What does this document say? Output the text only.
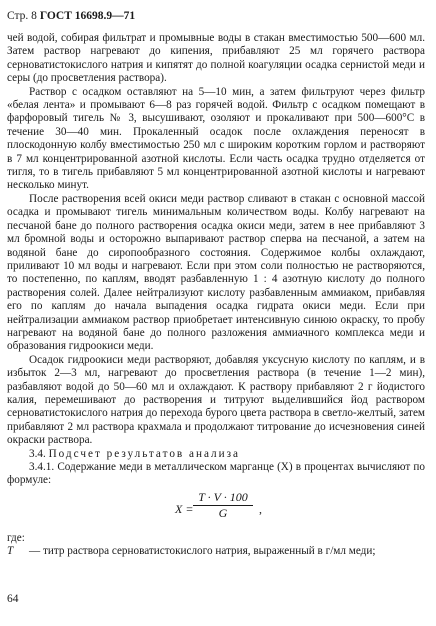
Стр. 8 ГОСТ 16698.9—71

чей водой, собирая фильтрат и промывные воды в стакан вместимостью 500—600 мл. Затем раствор нагревают до кипения, прибавляют 25 мл горячего раствора серноватистокислого натрия и кипятят до полной коагуляции осадка сернистой меди и серы (до просветления раствора).

Раствор с осадком оставляют на 5—10 мин, а затем фильтруют через фильтр «белая лента» и промывают 6—8 раз горячей водой. Фильтр с осадком помещают в фарфоровый тигель № 3, высушивают, озоляют и прокаливают при 500—600°С в течение 30—40 мин. Прокаленный осадок после охлаждения переносят в плоскодонную колбу вместимостью 250 мл с широким коротким горлом и растворяют в 7 мл концентрированной азотной кислоты. Если часть осадка трудно отделяется от тигля, то в тигель прибавляют 5 мл концентрированной азотной кислоты и нагревают несколько минут.

После растворения всей окиси меди раствор сливают в стакан с основной массой осадка и промывают тигель минимальным количеством воды. Колбу нагревают на песчаной бане до полного растворения осадка окиси меди, затем в нее прибавляют 3 мл бромной воды и осторожно выпаривают раствор сперва на песчаной, а затем на водяной бане до сиропообразного состояния. Содержимое колбы охлаждают, приливают 10 мл воды и нагревают. Если при этом соли полностью не растворяются, то постепенно, по каплям, вводят разбавленную 1 : 4 азотную кислоту до полного растворения солей. Далее нейтрализуют кислоту разбавленным аммиаком, прибавляя его по каплям до начала выпадения осадка гидрата окиси меди. Если при нейтрализации аммиаком раствор приобретает интенсивную синюю окраску, то пробу нагревают на водяной бане до полного разложения аммиачного комплекса меди и образования гидроокиси меди.

Осадок гидроокиси меди растворяют, добавляя уксусную кислоту по каплям, и в избыток 2—3 мл, нагревают до просветления раствора (в течение 1—2 мин), разбавляют водой до 50—60 мл и охлаждают. К раствору прибавляют 2 г йодистого калия, перемешивают до растворения и титруют выделившийся йод раствором серноватистокислого натрия до перехода бурого цвета раствора в светло-желтый, затем прибавляют 2 мл раствора крахмала и продолжают титрование до исчезновения синей окраски раствора.

3.4. Подсчет результатов анализа

3.4.1. Содержание меди в металлическом марганце (X) в процентах вычисляют по формуле:

$X = \frac{T \cdot V \cdot 100}{G}$ ,

где:

T	— титр раствора серноватистокислого натрия, выраженный в г/мл меди;
64
